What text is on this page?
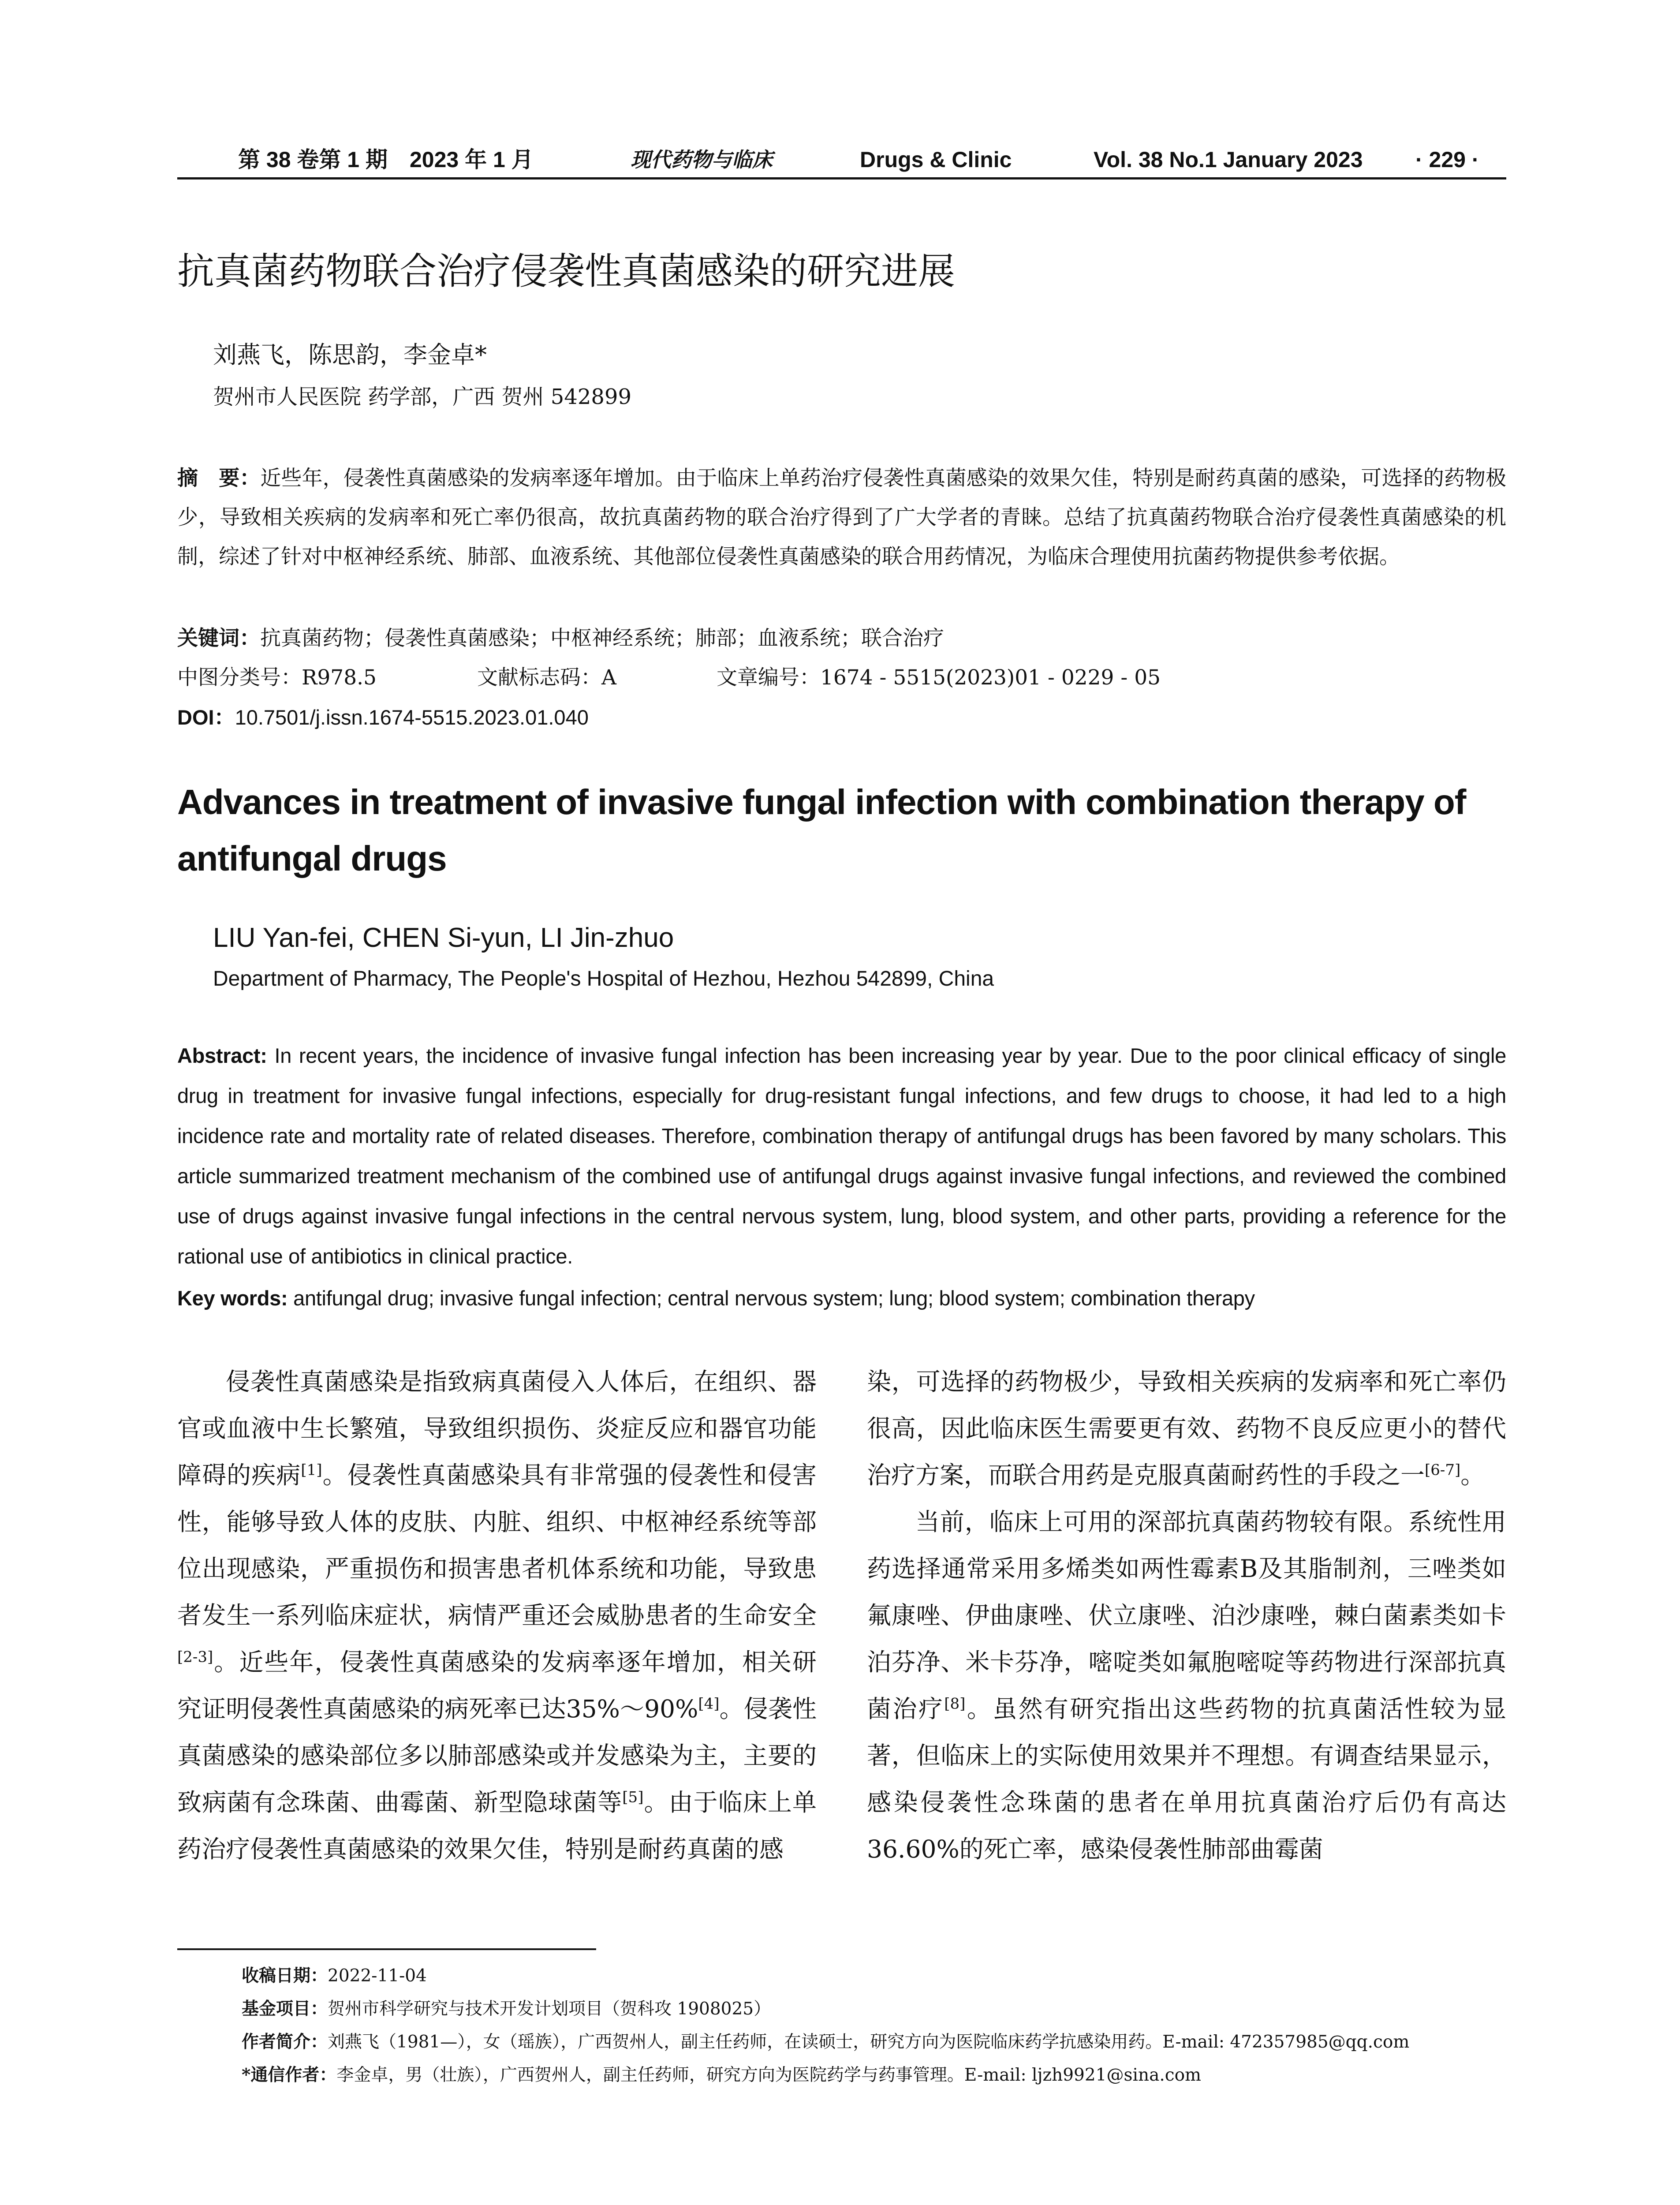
第 38 卷第 1 期　2023 年 1 月	现代药物与临床	Drugs & Clinic	Vol. 38 No.1 January 2023 · 229 ·
抗真菌药物联合治疗侵袭性真菌感染的研究进展
刘燕飞，陈思韵，李金卓*
贺州市人民医院 药学部，广西 贺州 542899
摘　要：近些年，侵袭性真菌感染的发病率逐年增加。由于临床上单药治疗侵袭性真菌感染的效果欠佳，特别是耐药真菌的感染，可选择的药物极少，导致相关疾病的发病率和死亡率仍很高，故抗真菌药物的联合治疗得到了广大学者的青睐。总结了抗真菌药物联合治疗侵袭性真菌感染的机制，综述了针对中枢神经系统、肺部、血液系统、其他部位侵袭性真菌感染的联合用药情况，为临床合理使用抗菌药物提供参考依据。
关键词：抗真菌药物；侵袭性真菌感染；中枢神经系统；肺部；血液系统；联合治疗
中图分类号：R978.5	文献标志码：A	文章编号：1674 - 5515(2023)01 - 0229 - 05
DOI：10.7501/j.issn.1674-5515.2023.01.040
Advances in treatment of invasive fungal infection with combination therapy of antifungal drugs
LIU Yan-fei, CHEN Si-yun, LI Jin-zhuo
Department of Pharmacy, The People's Hospital of Hezhou, Hezhou 542899, China
Abstract: In recent years, the incidence of invasive fungal infection has been increasing year by year. Due to the poor clinical efficacy of single drug in treatment for invasive fungal infections, especially for drug-resistant fungal infections, and few drugs to choose, it had led to a high incidence rate and mortality rate of related diseases. Therefore, combination therapy of antifungal drugs has been favored by many scholars. This article summarized treatment mechanism of the combined use of antifungal drugs against invasive fungal infections, and reviewed the combined use of drugs against invasive fungal infections in the central nervous system, lung, blood system, and other parts, providing a reference for the rational use of antibiotics in clinical practice.
Key words: antifungal drug; invasive fungal infection; central nervous system; lung; blood system; combination therapy

侵袭性真菌感染是指致病真菌侵入人体后，在组织、器官或血液中生长繁殖，导致组织损伤、炎症反应和器官功能障碍的疾病[1]。侵袭性真菌感染具有非常强的侵袭性和侵害性，能够导致人体的皮肤、内脏、组织、中枢神经系统等部位出现感染，严重损伤和损害患者机体系统和功能，导致患者发生一系列临床症状，病情严重还会威胁患者的生命安全[2-3]。近些年，侵袭性真菌感染的发病率逐年增加，相关研究证明侵袭性真菌感染的病死率已达35%～90%[4]。侵袭性真菌感染的感染部位多以肺部感染或并发感染为主，主要的致病菌有念珠菌、曲霉菌、新型隐球菌等[5]。由于临床上单药治疗侵袭性真菌感染的效果欠佳，特别是耐药真菌的感

染，可选择的药物极少，导致相关疾病的发病率和死亡率仍很高，因此临床医生需要更有效、药物不良反应更小的替代治疗方案，而联合用药是克服真菌耐药性的手段之一[6-7]。

当前，临床上可用的深部抗真菌药物较有限。系统性用药选择通常采用多烯类如两性霉素B及其脂制剂，三唑类如氟康唑、伊曲康唑、伏立康唑、泊沙康唑，棘白菌素类如卡泊芬净、米卡芬净，嘧啶类如氟胞嘧啶等药物进行深部抗真菌治疗[8]。虽然有研究指出这些药物的抗真菌活性较为显著，但临床上的实际使用效果并不理想。有调查结果显示，感染侵袭性念珠菌的患者在单用抗真菌治疗后仍有高达 36.60%的死亡率，感染侵袭性肺部曲霉菌

收稿日期：2022-11-04
基金项目：贺州市科学研究与技术开发计划项目（贺科攻 1908025）
作者简介：刘燕飞（1981—），女（瑶族），广西贺州人，副主任药师，在读硕士，研究方向为医院临床药学抗感染用药。E-mail: 472357985@qq.com
*通信作者：李金卓，男（壮族），广西贺州人，副主任药师，研究方向为医院药学与药事管理。E-mail: ljzh9921@sina.com
